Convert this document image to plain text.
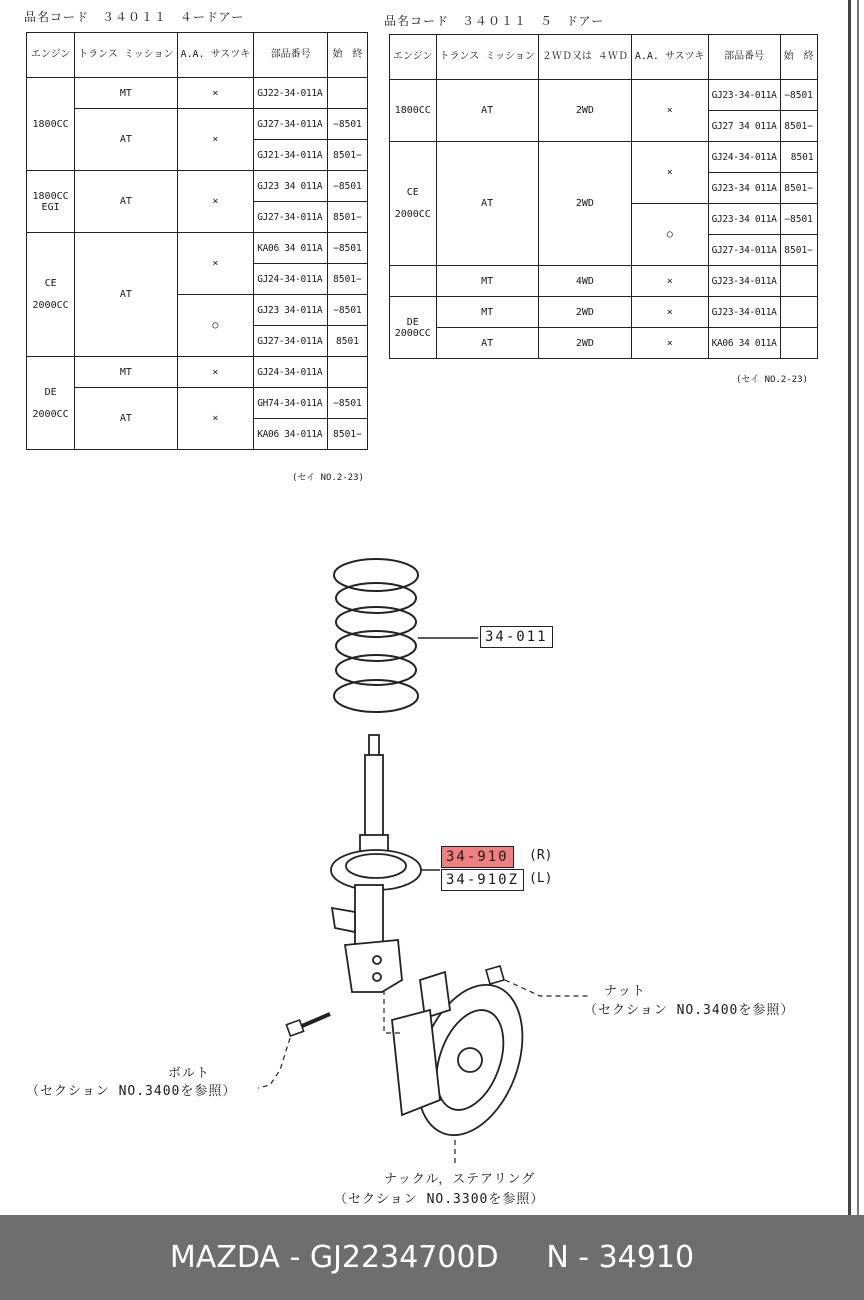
品名コード　３４０１１　４ードアー
エンジン	トランス ミッション	A.A. サスツキ	部品番号	始　終
1800CC	MT	×	GJ22-34-011A	
	AT	×	GJ27-34-011A	−8501
			GJ21-34-011A	8501−
1800CC
EGI	AT	×	GJ23 34 011A	−8501
			GJ27-34-011A	8501−
CE

2000CC	AT	×	KA06 34 011A	−8501
			GJ24-34-011A	8501−
		○	GJ23 34-011A	−8501
			GJ27-34-011A	8501
DE

2000CC	MT	×	GJ24-34-011A	
	AT	×	GH74-34-011A	−8501
			KA06 34-011A	8501−
(セイ NO.2-23)
品名コード　３４０１１　５　ドアー
エンジン	トランス ミッション	２ＷＤ又は ４ＷＤ	A.A. サスツキ	部品番号	始　終
1800CC	AT	2WD	×	GJ23-34-011A	−8501
				GJ27 34 011A	8501−
CE

2000CC	AT	2WD	×	GJ24-34-011A	8501
				GJ23-34 011A	8501−
			○	GJ23-34 011A	−8501
				GJ27-34-011A	8501−
	MT	4WD	×	GJ23-34-011A	
DE
2000CC	MT	2WD	×	GJ23-34-011A	
	AT	2WD	×	KA06 34 011A	
(セイ NO.2-23)
34-011
34-910	(R)
34-910Z (L)
ナット
（セクション NO.3400を参照）
ボルト
（セクション NO.3400を参照）
ナックル，ステアリング
（セクション NO.3300を参照）
MAZDA - GJ2234700D     N - 34910
